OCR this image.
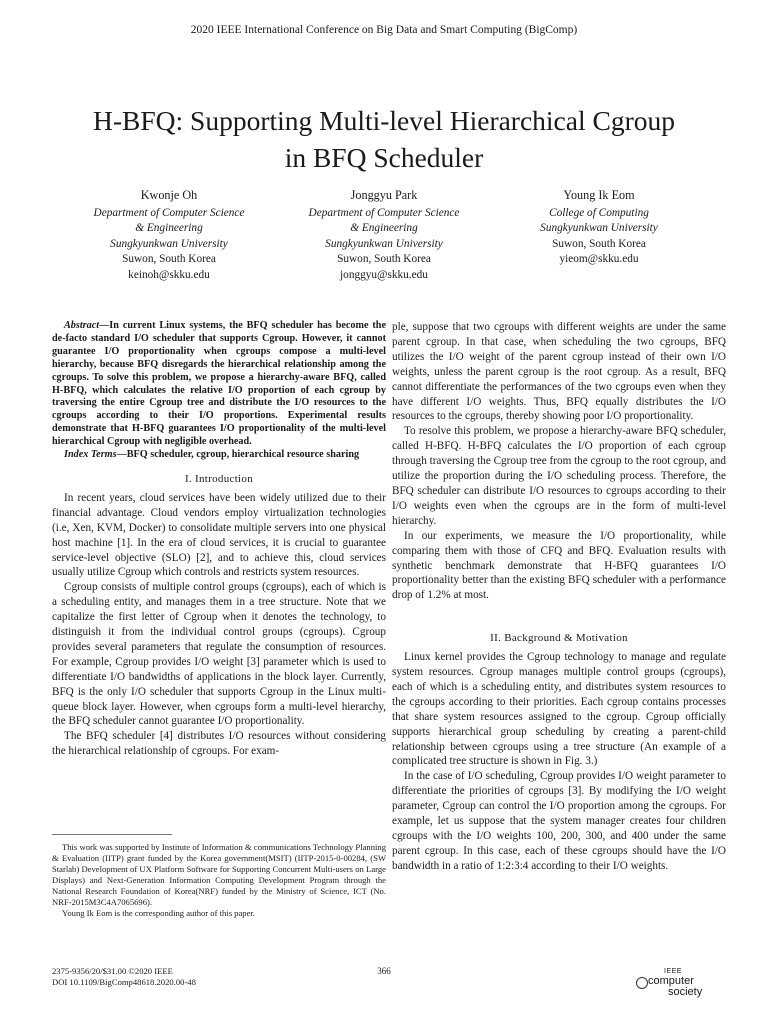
2020 IEEE International Conference on Big Data and Smart Computing (BigComp)
H-BFQ: Supporting Multi-level Hierarchical Cgroup
in BFQ Scheduler
Kwonje Oh
Department of Computer Science
& Engineering
Sungkyunkwan University
Suwon, South Korea
keinoh@skku.edu
Jonggyu Park
Department of Computer Science
& Engineering
Sungkyunkwan University
Suwon, South Korea
jonggyu@skku.edu
Young Ik Eom
College of Computing
Sungkyunkwan University
Suwon, South Korea
yieom@skku.edu

Abstract—In current Linux systems, the BFQ scheduler has become the de-facto standard I/O scheduler that supports Cgroup. However, it cannot guarantee I/O proportionality when cgroups compose a multi-level hierarchy, because BFQ disregards the hierarchical relationship among the cgroups. To solve this problem, we propose a hierarchy-aware BFQ, called H-BFQ, which calculates the relative I/O proportion of each cgroup by traversing the entire Cgroup tree and distribute the I/O resources to the cgroups according to their I/O proportions. Experimental results demonstrate that H-BFQ guarantees I/O proportionality of the multi-level hierarchical Cgroup with negligible overhead.

Index Terms—BFQ scheduler, cgroup, hierarchical resource sharing

I. Introduction

In recent years, cloud services have been widely utilized due to their financial advantage. Cloud vendors employ virtualization technologies (i.e, Xen, KVM, Docker) to consolidate multiple servers into one physical host machine [1]. In the era of cloud services, it is crucial to guarantee service-level objective (SLO) [2], and to achieve this, cloud services usually utilize Cgroup which controls and restricts system resources.

Cgroup consists of multiple control groups (cgroups), each of which is a scheduling entity, and manages them in a tree structure. Note that we capitalize the first letter of Cgroup when it denotes the technology, to distinguish it from the individual control groups (cgroups). Cgroup provides several parameters that regulate the consumption of resources. For example, Cgroup provides I/O weight [3] parameter which is used to differentiate I/O bandwidths of applications in the block layer. Currently, BFQ is the only I/O scheduler that supports Cgroup in the Linux multi-queue block layer. However, when cgroups form a multi-level hierarchy, the BFQ scheduler cannot guarantee I/O proportionality.

The BFQ scheduler [4] distributes I/O resources without considering the hierarchical relationship of cgroups. For exam-

This work was supported by Institute of Information & communications Technology Planning & Evaluation (IITP) grant funded by the Korea government(MSIT) (IITP-2015-0-00284, (SW Starlab) Development of UX Platform Software for Supporting Concurrent Multi-users on Large Displays) and Next-Generation Information Computing Development Program through the National Research Foundation of Korea(NRF) funded by the Ministry of Science, ICT (No. NRF-2015M3C4A7065696).

Young Ik Eom is the corresponding author of this paper.

ple, suppose that two cgroups with different weights are under the same parent cgroup. In that case, when scheduling the two cgroups, BFQ utilizes the I/O weight of the parent cgroup instead of their own I/O weights, unless the parent cgroup is the root cgroup. As a result, BFQ cannot differentiate the performances of the two cgroups even when they have different I/O weights. Thus, BFQ equally distributes the I/O resources to the cgroups, thereby showing poor I/O proportionality.

To resolve this problem, we propose a hierarchy-aware BFQ scheduler, called H-BFQ. H-BFQ calculates the I/O proportion of each cgroup through traversing the Cgroup tree from the cgroup to the root cgroup, and utilize the proportion during the I/O scheduling process. Therefore, the BFQ scheduler can distribute I/O resources to cgroups according to their I/O weights even when the cgroups are in the form of multi-level hierarchy.

In our experiments, we measure the I/O proportionality, while comparing them with those of CFQ and BFQ. Evaluation results with synthetic benchmark demonstrate that H-BFQ guarantees I/O proportionality better than the existing BFQ scheduler with a performance drop of 1.2% at most.

II. Background & Motivation

Linux kernel provides the Cgroup technology to manage and regulate system resources. Cgroup manages multiple control groups (cgroups), each of which is a scheduling entity, and distributes system resources to the cgroups according to their priorities. Each cgroup contains processes that share system resources assigned to the cgroup. Cgroup officially supports hierarchical group scheduling by creating a parent-child relationship between cgroups using a tree structure (An example of a complicated tree structure is shown in Fig. 3.)

In the case of I/O scheduling, Cgroup provides I/O weight parameter to differentiate the priorities of cgroups [3]. By modifying the I/O weight parameter, Cgroup can control the I/O proportion among the cgroups. For example, let us suppose that the system manager creates four children cgroups with the I/O weights 100, 200, 300, and 400 under the same parent cgroup. In this case, each of these cgroups should have the I/O bandwidth in a ratio of 1:2:3:4 according to their I/O weights.

2375-9356/20/$31.00 ©2020 IEEE
DOI 10.1109/BigComp48618.2020.00-48
366	IEEE
computer
society
